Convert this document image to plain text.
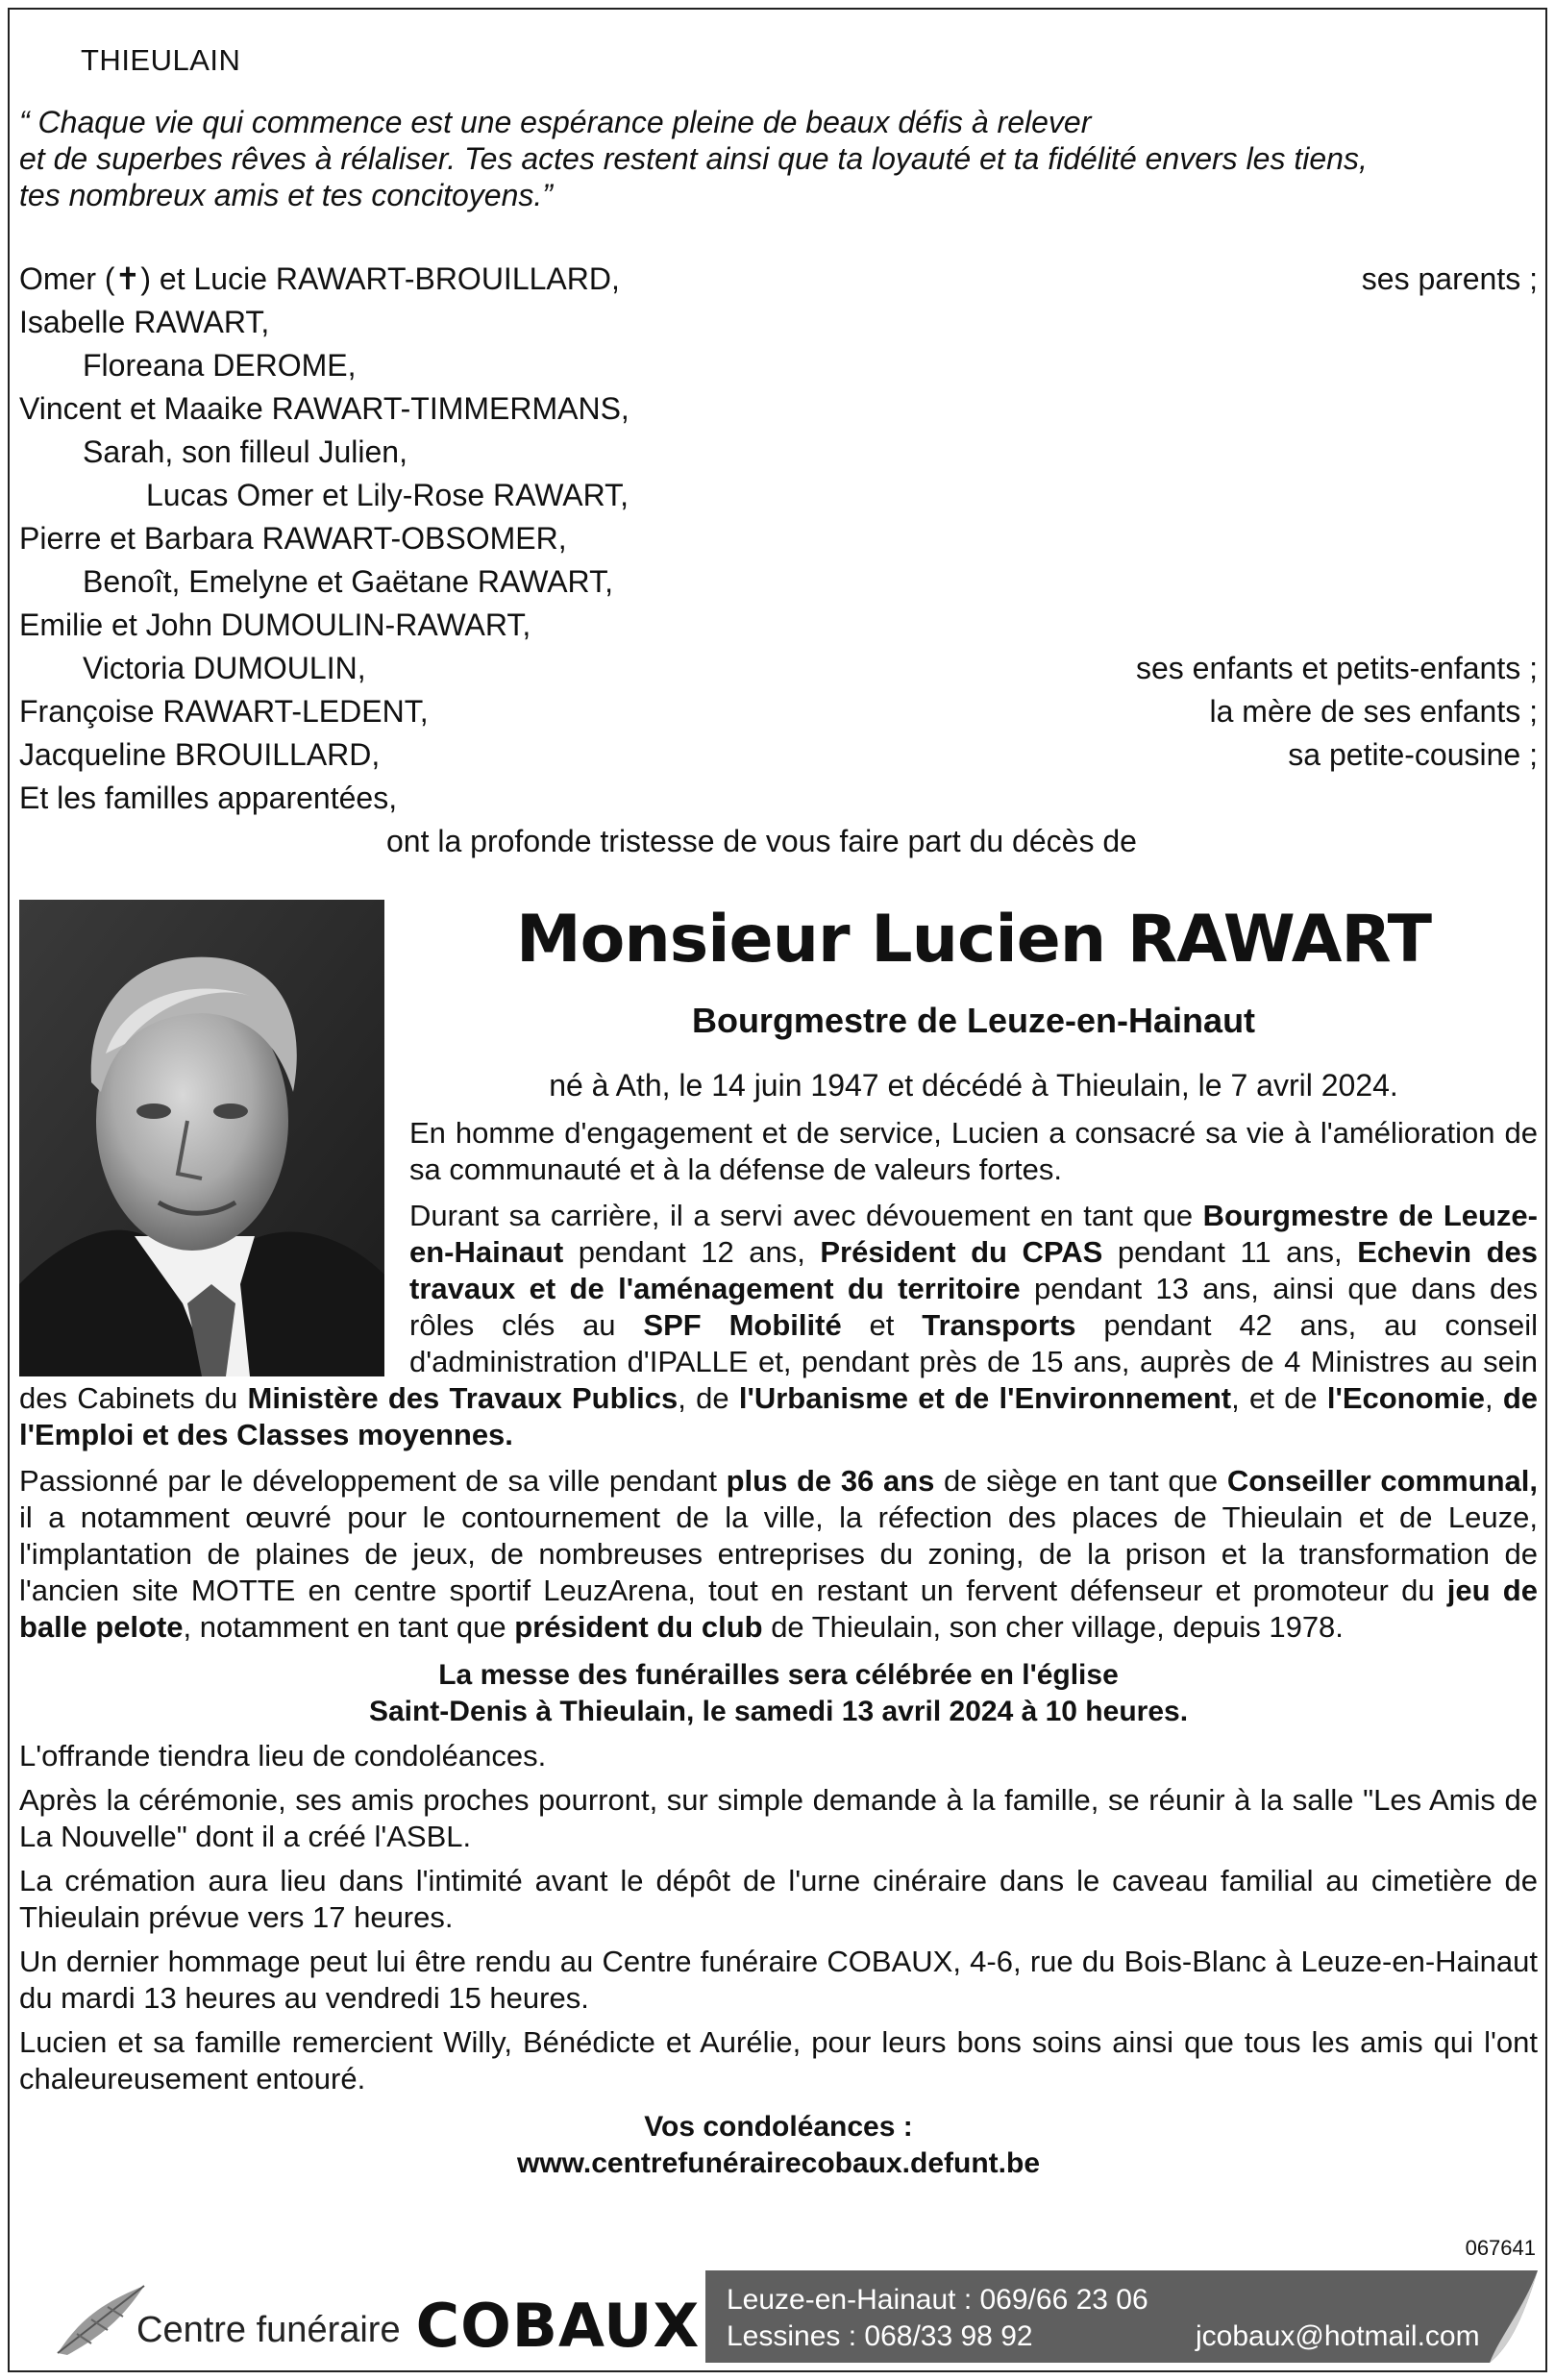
THIEULAIN
“ Chaque vie qui commence est une espérance pleine de beaux défis à relever
et de superbes rêves à rélaliser. Tes actes restent ainsi que ta loyauté et ta fidélité envers les tiens,
tes nombreux amis et tes concitoyens.”
Omer (✝) et Lucie RAWART-BROUILLARD,	ses parents ;
Isabelle RAWART,
Floreana DEROME,
Vincent et Maaike RAWART-TIMMERMANS,
Sarah, son filleul Julien,
Lucas Omer et Lily-Rose RAWART,
Pierre et Barbara RAWART-OBSOMER,
Benoît, Emelyne et Gaëtane RAWART,
Emilie et John DUMOULIN-RAWART,
Victoria DUMOULIN,	ses enfants et petits-enfants ;
Françoise RAWART-LEDENT,	la mère de ses enfants ;
Jacqueline BROUILLARD,	sa petite-cousine ;
Et les familles apparentées,
ont la profonde tristesse de vous faire part du décès de
Monsieur Lucien RAWART
Bourgmestre de Leuze-en-Hainaut
né à Ath, le 14 juin 1947 et décédé à Thieulain, le 7 avril 2024.

En homme d'engagement et de service, Lucien a consacré sa vie à l'amélioration de sa communauté et à la défense de valeurs fortes.

Durant sa carrière, il a servi avec dévouement en tant que Bourgmestre de Leuze-en-Hainaut pendant 12 ans, Président du CPAS pendant 11 ans, Echevin des travaux et de l'aménagement du territoire pendant 13 ans, ainsi que dans des rôles clés au SPF Mobilité et Transports pendant 42 ans, au conseil d'administration d'IPALLE et, pendant près de 15 ans, auprès de 4 Ministres au sein des Cabinets du Ministère des Travaux Publics, de l'Urbanisme et de l'Environnement, et de l'Economie, de l'Emploi et des Classes moyennes.

Passionné par le développement de sa ville pendant plus de 36 ans de siège en tant que Conseiller communal, il a notamment œuvré pour le contournement de la ville, la réfection des places de Thieulain et de Leuze, l'implantation de plaines de jeux, de nombreuses entreprises du zoning, de la prison et la transformation de l'ancien site MOTTE en centre sportif LeuzArena, tout en restant un fervent défenseur et promoteur du jeu de balle pelote, notamment en tant que président du club de Thieulain, son cher village, depuis 1978.

La messe des funérailles sera célébrée en l'église
Saint-Denis à Thieulain, le samedi 13 avril 2024 à 10 heures.

L'offrande tiendra lieu de condoléances.

Après la cérémonie, ses amis proches pourront, sur simple demande à la famille, se réunir à la salle "Les Amis de La Nouvelle" dont il a créé l'ASBL.

La crémation aura lieu dans l'intimité avant le dépôt de l'urne cinéraire dans le caveau familial au cimetière de Thieulain prévue vers 17 heures.

Un dernier hommage peut lui être rendu au Centre funéraire COBAUX, 4-6, rue du Bois-Blanc à Leuze-en-Hainaut du mardi 13 heures au vendredi 15 heures.

Lucien et sa famille remercient Willy, Bénédicte et Aurélie, pour leurs bons soins ainsi que tous les amis qui l'ont chaleureusement entouré.

Vos condoléances :
www.centrefunérairecobaux.defunt.be
067641
Centre funéraire COBAUX Leuze-en-Hainaut : 069/66 23 06
Lessines : 068/33 98 92	jcobaux@hotmail.com
